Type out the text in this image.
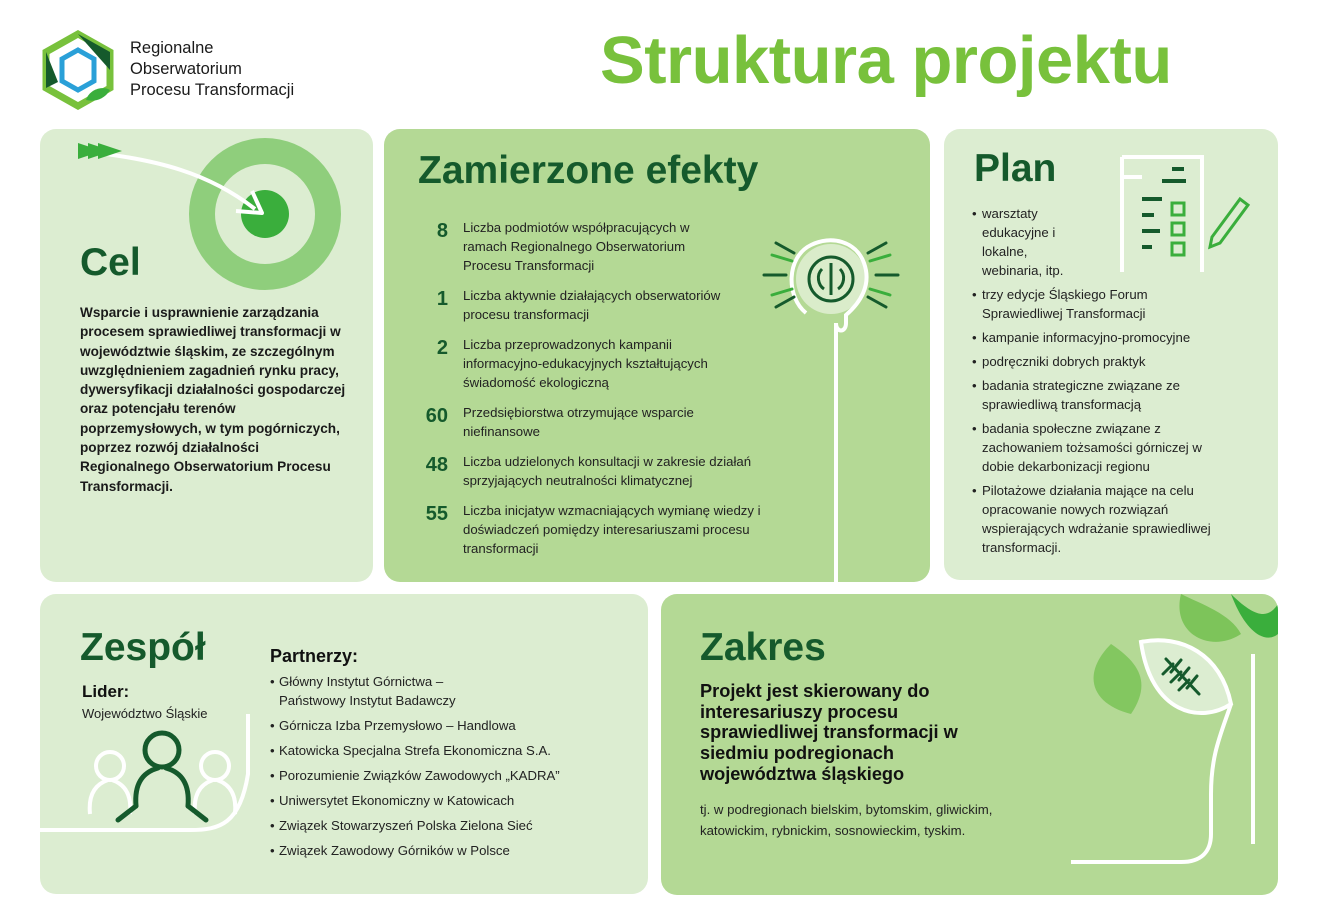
Regionalne
Obserwatorium
Procesu Transformacji	Struktura projektu
Cel
Wsparcie i usprawnienie zarządzania procesem sprawiedliwej transformacji w województwie śląskim, ze szczególnym uwzględnieniem zagadnień rynku pracy, dywersyfikacji działalności gospodarczej oraz potencjału terenów poprzemysłowych, w tym pogórniczych, poprzez rozwój działalności Regionalnego Obserwatorium Procesu Transformacji.
Zamierzone efekty
8 Liczba podmiotów współpracujących w ramach Regionalnego Obserwatorium Procesu Transformacji
1 Liczba aktywnie działających obserwatoriów procesu transformacji
2 Liczba przeprowadzonych kampanii informacyjno-edukacyjnych kształtujących świadomość ekologiczną
60 Przedsiębiorstwa otrzymujące wsparcie niefinansowe
48 Liczba udzielonych konsultacji w zakresie działań sprzyjających neutralności klimatycznej
55 Liczba inicjatyw wzmacniających wymianę wiedzy i doświadczeń pomiędzy interesariuszami procesu transformacji
Plan
• warsztaty edukacyjne i lokalne, webinaria, itp.
• trzy edycje Śląskiego Forum Sprawiedliwej Transformacji
• kampanie informacyjno-promocyjne
• podręczniki dobrych praktyk
• badania strategiczne związane ze sprawiedliwą transformacją
• badania społeczne związane z zachowaniem tożsamości górniczej w dobie dekarbonizacji regionu
• Pilotażowe działania mające na celu opracowanie nowych rozwiązań wspierających wdrażanie sprawiedliwej transformacji.
Zespół
Lider:
Województwo Śląskie
Partnerzy:
• Główny Instytut Górnictwa – Państwowy Instytut Badawczy
• Górnicza Izba Przemysłowo – Handlowa
• Katowicka Specjalna Strefa Ekonomiczna S.A.
• Porozumienie Związków Zawodowych „KADRA”
• Uniwersytet Ekonomiczny w Katowicach
• Związek Stowarzyszeń Polska Zielona Sieć
• Związek Zawodowy Górników w Polsce
Zakres
Projekt jest skierowany do interesariuszy procesu sprawiedliwej transformacji w siedmiu podregionach województwa śląskiego
tj. w podregionach bielskim, bytomskim, gliwickim, katowickim, rybnickim, sosnowieckim, tyskim.
